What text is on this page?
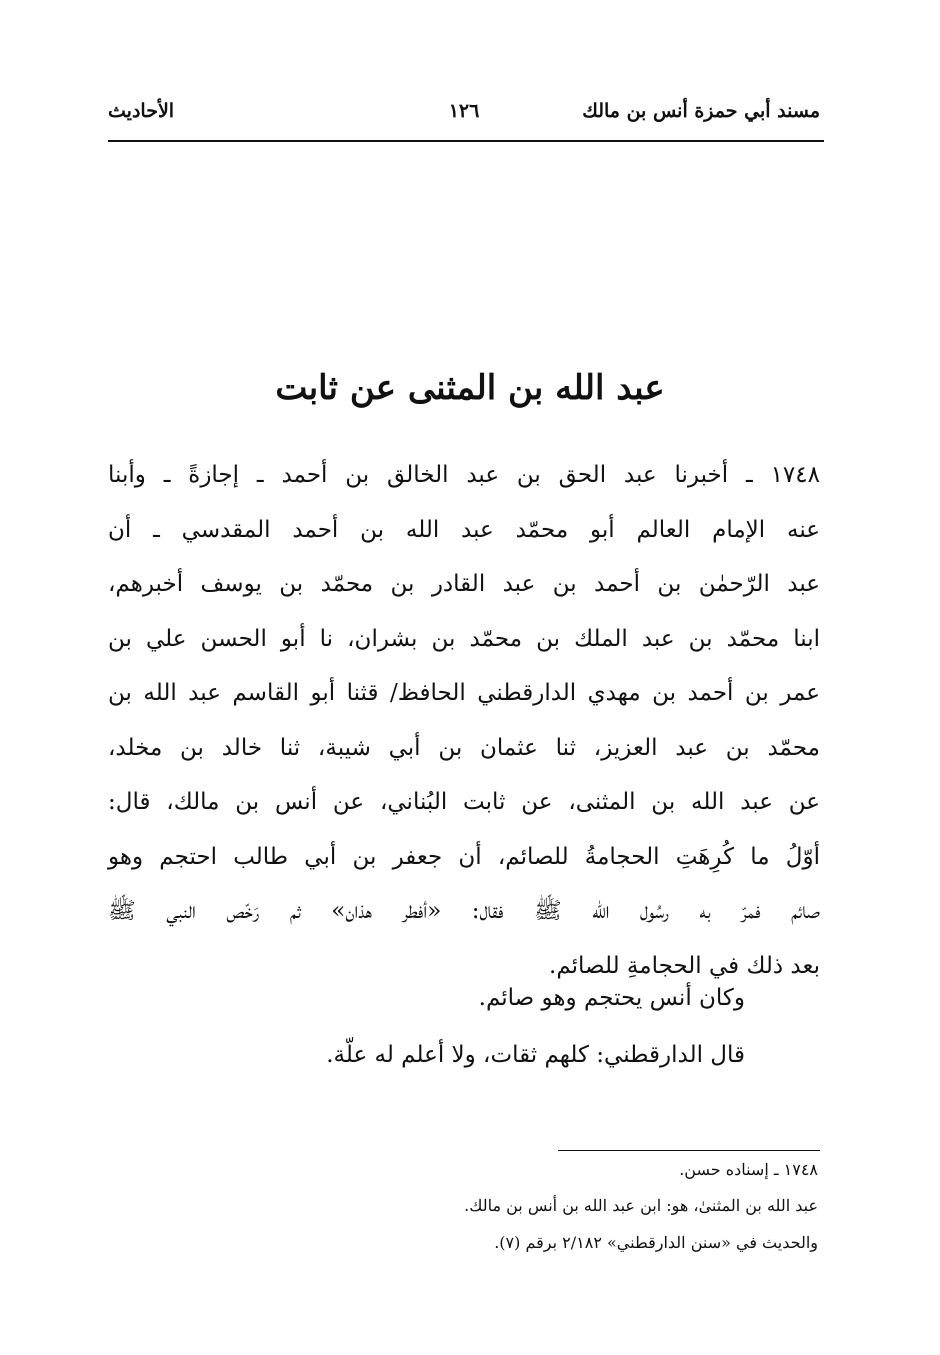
مسند أبي حمزة أنس بن مالك
١٢٦
الأحاديث
عبد الله بن المثنى عن ثابت
١٧٤٨ ـ أخبرنا عبد الحق بن عبد الخالق بن أحمد ـ إجازةً ـ وأبنا
عنه الإمام العالم أبو محمّد عبد الله بن أحمد المقدسي ـ أن
عبد الرّحمٰن بن أحمد بن عبد القادر بن محمّد بن يوسف أخبرهم،
ابنا محمّد بن عبد الملك بن محمّد بن بشران، نا أبو الحسن علي بن
عمر بن أحمد بن مهدي الدارقطني الحافظ/ قثنا أبو القاسم عبد الله بن
محمّد بن عبد العزيز، ثنا عثمان بن أبي شيبة، ثنا خالد بن مخلد،
عن عبد الله بن المثنى، عن ثابت البُناني، عن أنس بن مالك، قال:
أوّلُ ما كُرِهَتِ الحجامةُ للصائم، أن جعفر بن أبي طالب احتجم وهو
صائم فمرّ به رسُول الله ﷺ فقال: «أفطر هذان» ثم رَخّص النبي ﷺ
بعد ذلك في الحجامةِ للصائم.
وكان أنس يحتجم وهو صائم.
قال الدارقطني: كلهم ثقات، ولا أعلم له علّة.
١٧٤٨ ـ إسناده حسن.
عبد الله بن المثنىٰ، هو: ابن عبد الله بن أنس بن مالك.
والحديث في «سنن الدارقطني» ٢/١٨٢ برقم (٧).
